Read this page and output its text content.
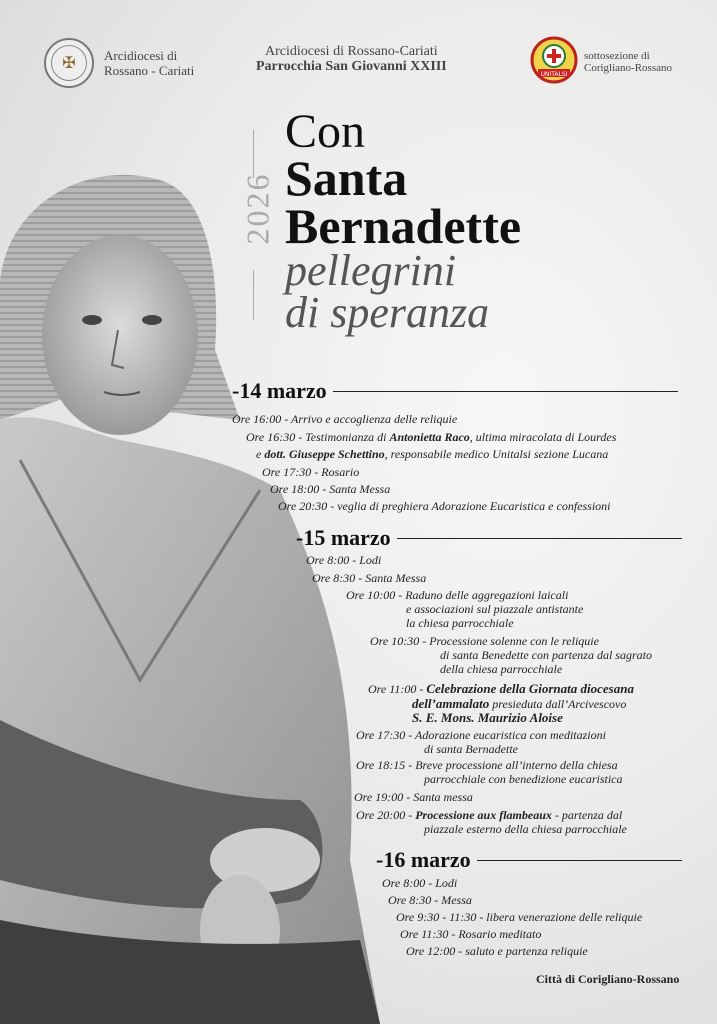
✠	Arcidiocesi di
Rossano - Cariati
Arcidiocesi di Rossano-Cariati
Parrocchia San Giovanni XXIII
UNITALSI
sottosezione di
Corigliano-Rossano
2026
Con
Santa
Bernadette
pellegrini
di speranza
-14 marzo
Ore 16:00 - Arrivo e accoglienza delle reliquie
Ore 16:30 - Testimonianza di Antonietta Raco, ultima miracolata di Lourdes
e dott. Giuseppe Schettino, responsabile medico Unitalsi sezione Lucana
Ore 17:30 - Rosario
Ore 18:00 - Santa Messa
Ore 20:30 - veglia di preghiera Adorazione Eucaristica e confessioni
-15 marzo
Ore 8:00 - Lodi
Ore 8:30 - Santa Messa
Ore 10:00 - Raduno delle aggregazioni laicali
e associazioni sul piazzale antistante
la chiesa parrocchiale
Ore 10:30 - Processione solenne con le reliquie
di santa Benedette con partenza dal sagrato
della chiesa parrocchiale
Ore 11:00 - Celebrazione della Giornata diocesana
dell’ammalato presieduta dall’Arcivescovo
S. E. Mons. Maurizio Aloise
Ore 17:30 - Adorazione eucaristica con meditazioni
di santa Bernadette
Ore 18:15 - Breve processione all’interno della chiesa
parrocchiale con benedizione eucaristica
Ore 19:00 - Santa messa
Ore 20:00 - Processione aux flambeaux - partenza dal
piazzale esterno della chiesa parrocchiale
-16 marzo
Ore 8:00 - Lodi
Ore 8:30 - Messa
Ore 9:30 - 11:30 - libera venerazione delle reliquie
Ore 11:30 - Rosario meditato
Ore 12:00 - saluto e partenza reliquie
Città di Corigliano-Rossano
